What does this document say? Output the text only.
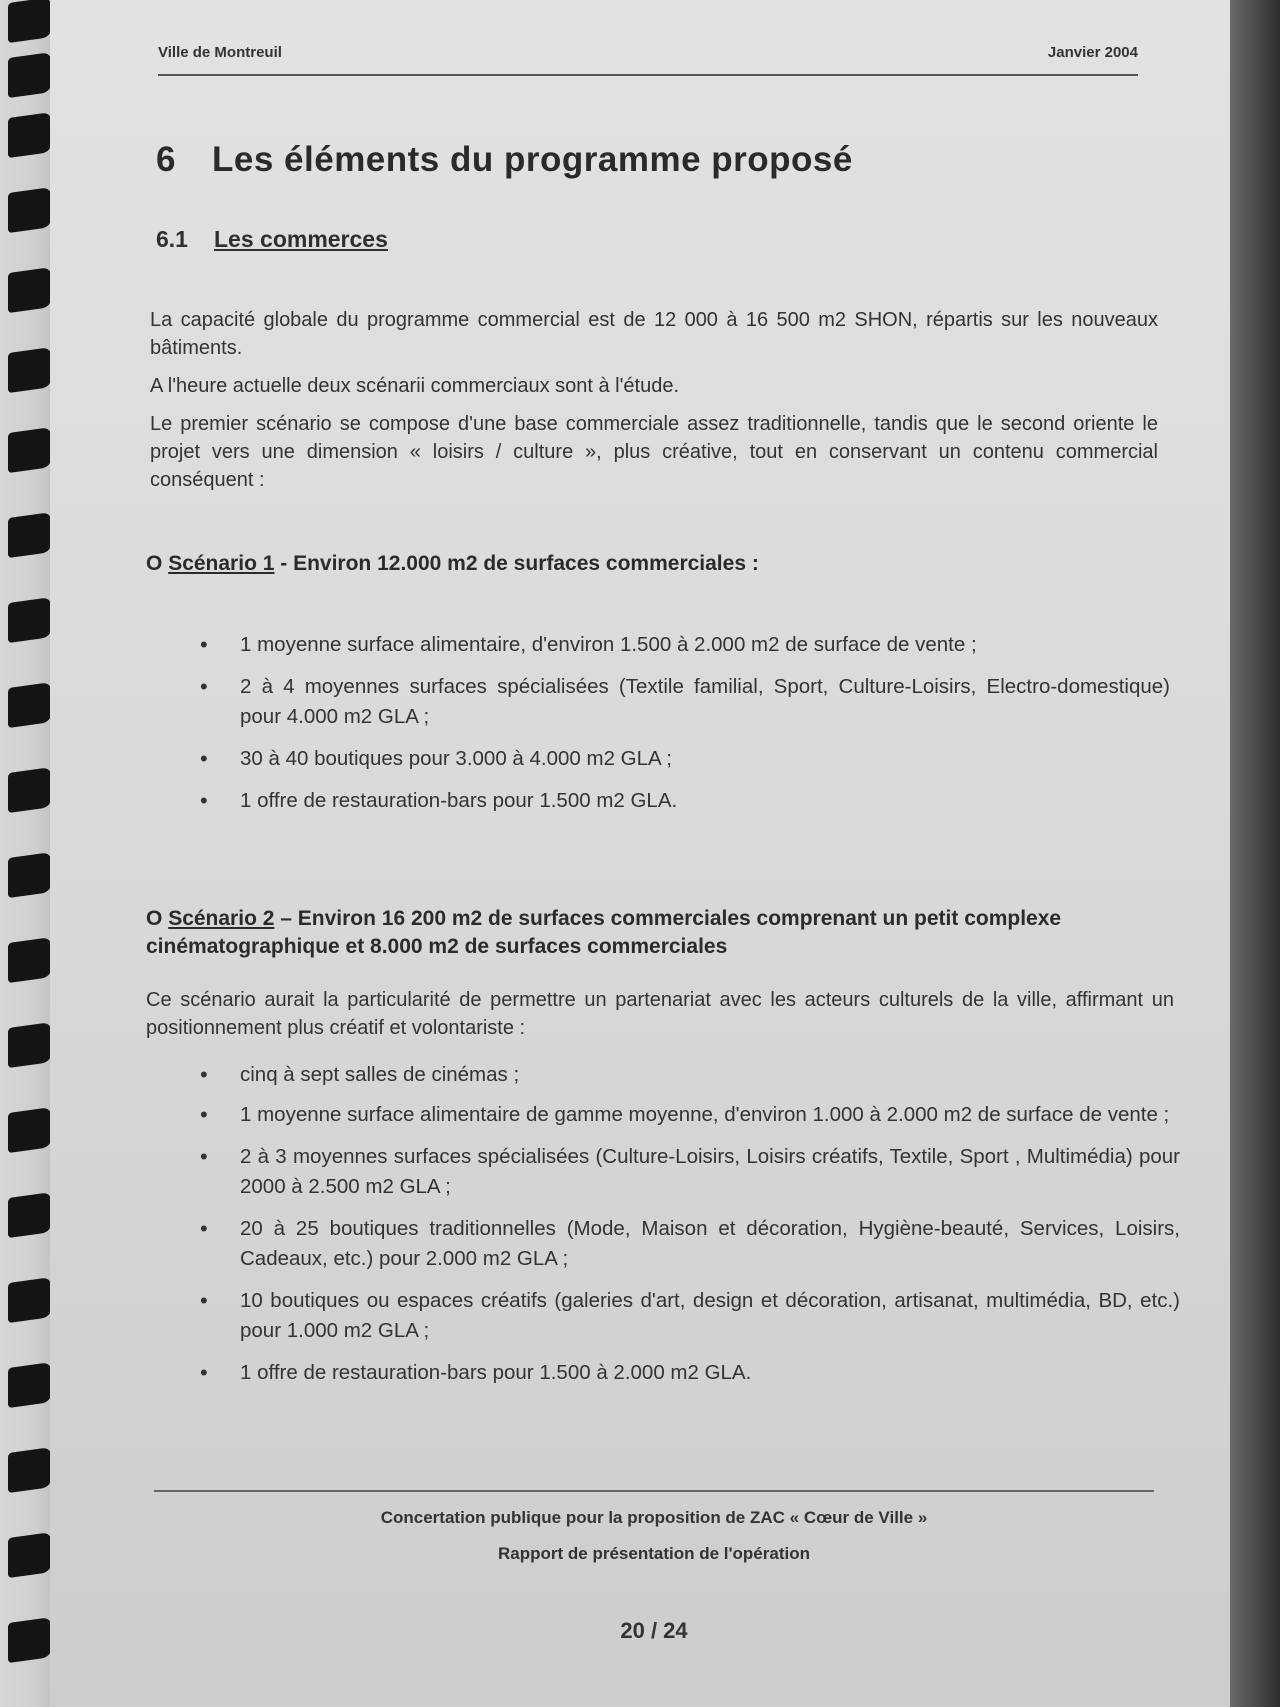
Ville de Montreuil	Janvier 2004
6 Les éléments du programme proposé
6.1 Les commerces
La capacité globale du programme commercial est de 12 000 à 16 500 m2 SHON, répartis sur les nouveaux bâtiments.
A l'heure actuelle deux scénarii commerciaux sont à l'étude.
Le premier scénario se compose d'une base commerciale assez traditionnelle, tandis que le second oriente le projet vers une dimension « loisirs / culture », plus créative, tout en conservant un contenu commercial conséquent :
O Scénario 1 - Environ 12.000 m2 de surfaces commerciales :
• 1 moyenne surface alimentaire, d'environ 1.500 à 2.000 m2 de surface de vente ;
• 2 à 4 moyennes surfaces spécialisées (Textile familial, Sport, Culture-Loisirs, Electro-domestique) pour 4.000 m2 GLA ;
• 30 à 40 boutiques pour 3.000 à 4.000 m2 GLA ;
• 1 offre de restauration-bars pour 1.500 m2 GLA.
O Scénario 2 – Environ 16 200 m2 de surfaces commerciales comprenant un petit complexe cinématographique et 8.000 m2 de surfaces commerciales
Ce scénario aurait la particularité de permettre un partenariat avec les acteurs culturels de la ville, affirmant un positionnement plus créatif et volontariste :
• cinq à sept salles de cinémas ;
• 1 moyenne surface alimentaire de gamme moyenne, d'environ 1.000 à 2.000 m2 de surface de vente ;
• 2 à 3 moyennes surfaces spécialisées (Culture-Loisirs, Loisirs créatifs, Textile, Sport , Multimédia) pour 2000 à 2.500 m2 GLA ;
• 20 à 25 boutiques traditionnelles (Mode, Maison et décoration, Hygiène-beauté, Services, Loisirs, Cadeaux, etc.) pour 2.000 m2 GLA ;
• 10 boutiques ou espaces créatifs (galeries d'art, design et décoration, artisanat, multimédia, BD, etc.) pour 1.000 m2 GLA ;
• 1 offre de restauration-bars pour 1.500 à 2.000 m2 GLA.
Concertation publique pour la proposition de ZAC « Cœur de Ville »
Rapport de présentation de l'opération
20 / 24
